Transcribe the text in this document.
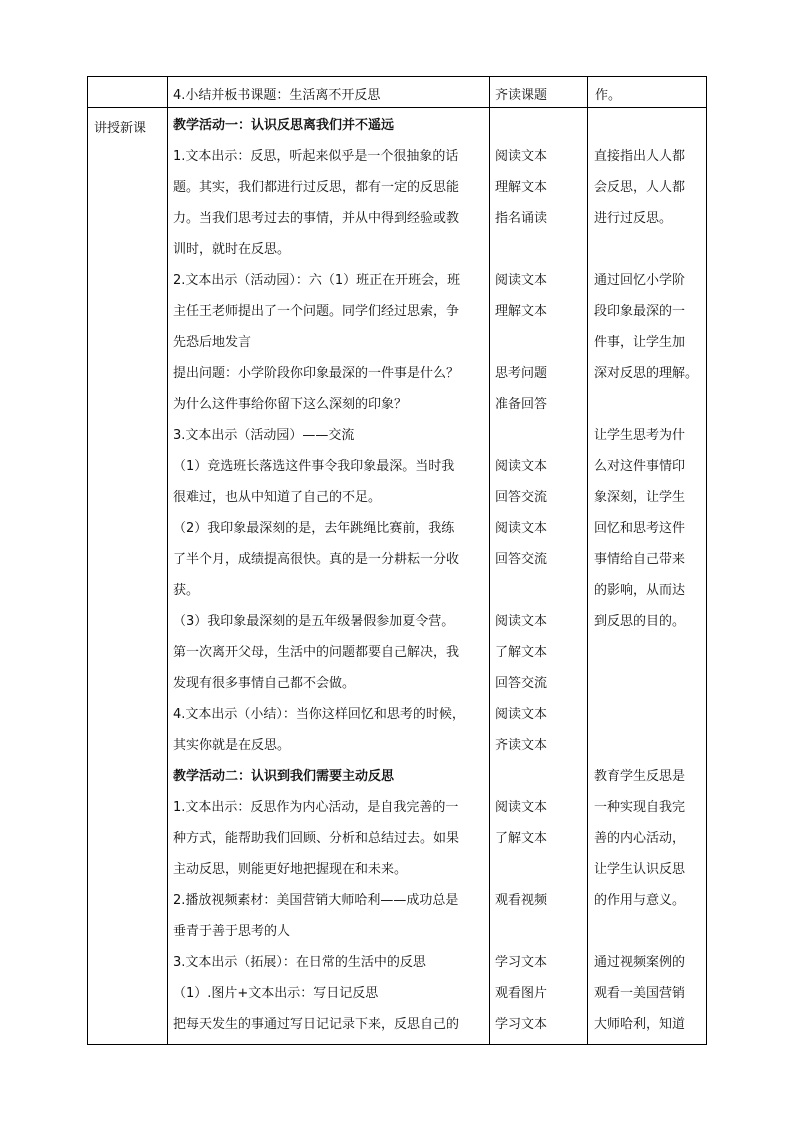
4.小结并板书课题：生活离不开反思	齐读课题	作。
讲授新课 教学活动一：认识反思离我们并不遥远

1.文本出示：反思，听起来似乎是一个很抽象的话

题。其实，我们都进行过反思，都有一定的反思能

力。当我们思考过去的事情，并从中得到经验或教

训时，就时在反思。

2.文本出示（活动园）：六（1）班正在开班会，班

主任王老师提出了一个问题。同学们经过思索，争

先恐后地发言

提出问题：小学阶段你印象最深的一件事是什么？

为什么这件事给你留下这么深刻的印象？

3.文本出示（活动园）——交流

（1）竞选班长落选这件事令我印象最深。当时我

很难过，也从中知道了自己的不足。

（2）我印象最深刻的是，去年跳绳比赛前，我练

了半个月，成绩提高很快。真的是一分耕耘一分收

获。

（3）我印象最深刻的是五年级暑假参加夏令营。

第一次离开父母，生活中的问题都要自己解决，我

发现有很多事情自己都不会做。

4.文本出示（小结）：当你这样回忆和思考的时候，

其实你就是在反思。

教学活动二：认识到我们需要主动反思

1.文本出示：反思作为内心活动，是自我完善的一

种方式，能帮助我们回顾、分析和总结过去。如果

主动反思，则能更好地把握现在和未来。

2.播放视频素材：美国营销大师哈利——成功总是

垂青于善于思考的人

3.文本出示（拓展）：在日常的生活中的反思

（1）.图片+文本出示：写日记反思

把每天发生的事通过写日记记录下来，反思自己的

阅读文本

理解文本

指名诵读

阅读文本

理解文本

思考问题

准备回答

阅读文本

回答交流

阅读文本

回答交流

阅读文本

了解文本

回答交流

阅读文本

齐读文本

阅读文本

了解文本

观看视频

学习文本

观看图片

学习文本

直接指出人人都

会反思，人人都

进行过反思。

通过回忆小学阶

段印象最深的一

件事，让学生加

深对反思的理解。

让学生思考为什

么对这件事情印

象深刻，让学生

回忆和思考这件

事情给自己带来

的影响，从而达

到反思的目的。

教育学生反思是

一种实现自我完

善的内心活动，

让学生认识反思

的作用与意义。

通过视频案例的

观看一美国营销

大师哈利，知道
